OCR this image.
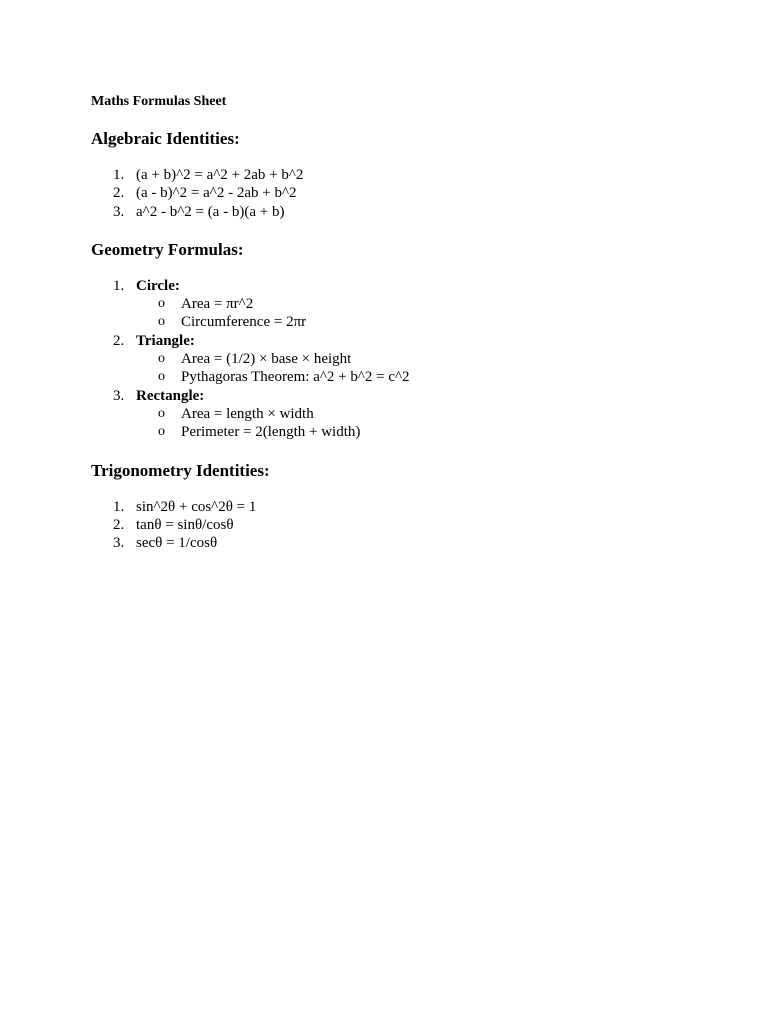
Maths Formulas Sheet

Algebraic Identities:
1. (a + b)^2 = a^2 + 2ab + b^2
2. (a - b)^2 = a^2 - 2ab + b^2
3. a^2 - b^2 = (a - b)(a + b)
Geometry Formulas:
1. Circle:
o Area = πr^2
o Circumference = 2πr
2. Triangle:
o Area = (1/2) × base × height
o Pythagoras Theorem: a^2 + b^2 = c^2
3. Rectangle:
o Area = length × width
o Perimeter = 2(length + width)
Trigonometry Identities:
1. sin^2θ + cos^2θ = 1
2. tanθ = sinθ/cosθ
3. secθ = 1/cosθ
